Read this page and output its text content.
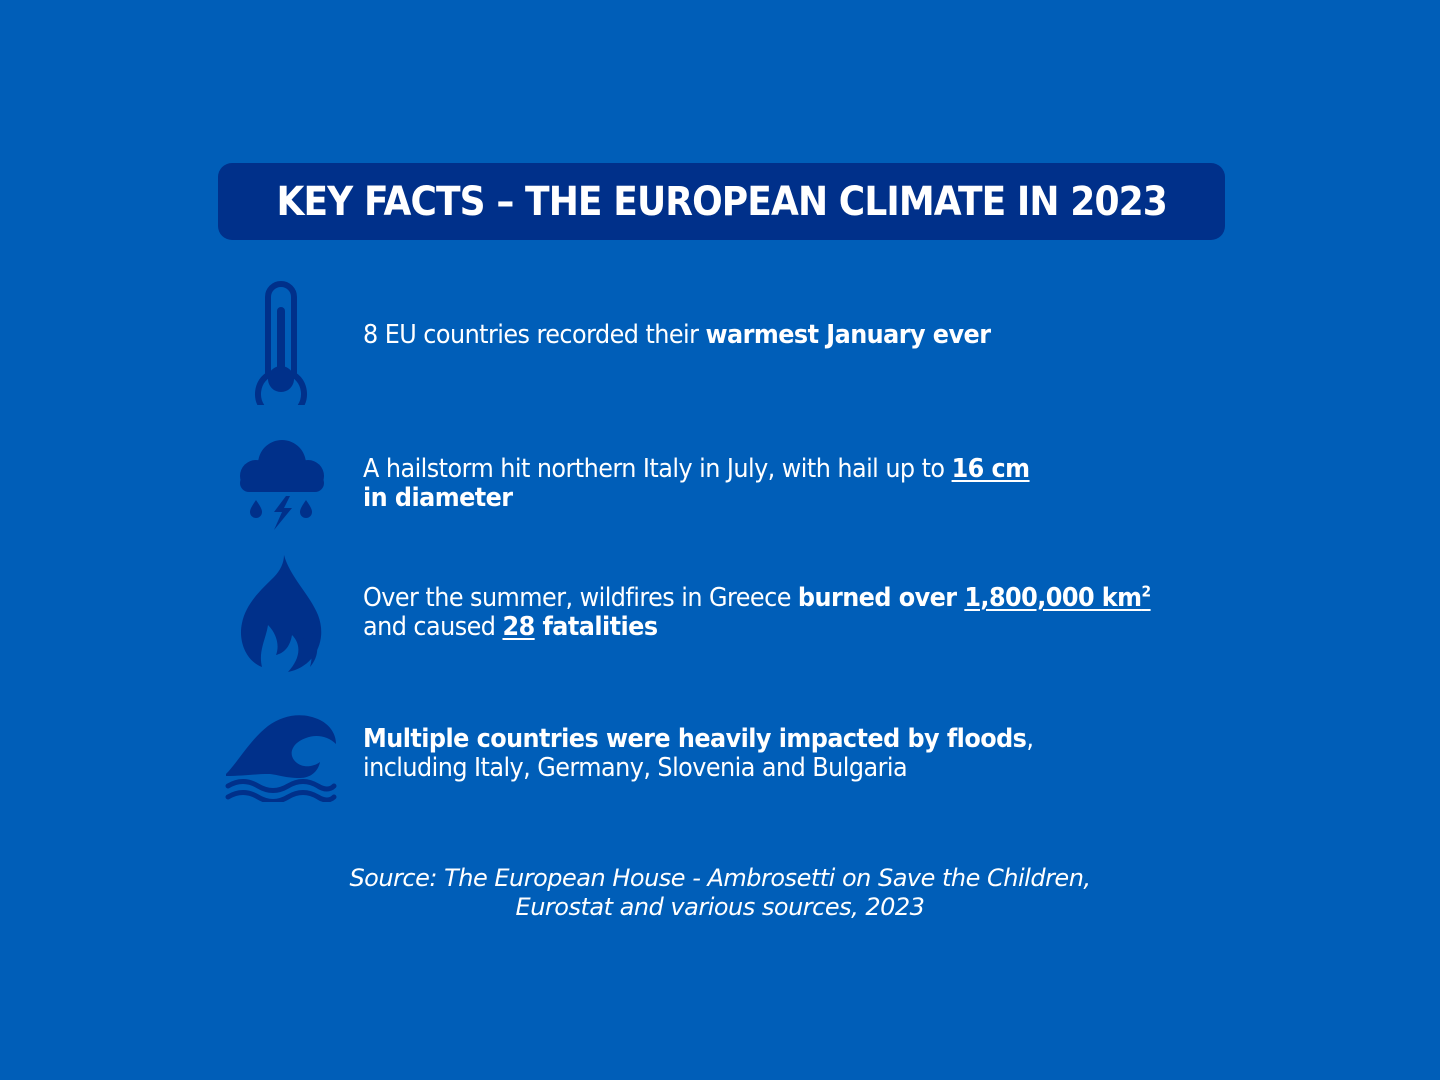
KEY FACTS – THE EUROPEAN CLIMATE IN 2023
8 EU countries recorded their warmest January ever
A hailstorm hit northern Italy in July, with hail up to 16 cm
in diameter
Over the summer, wildfires in Greece burned over 1,800,000 $km^2$
and caused 28 fatalities
Multiple countries were heavily impacted by floods,
including Italy, Germany, Slovenia and Bulgaria
Source: The European House - Ambrosetti on Save the Children,
Eurostat and various sources, 2023
